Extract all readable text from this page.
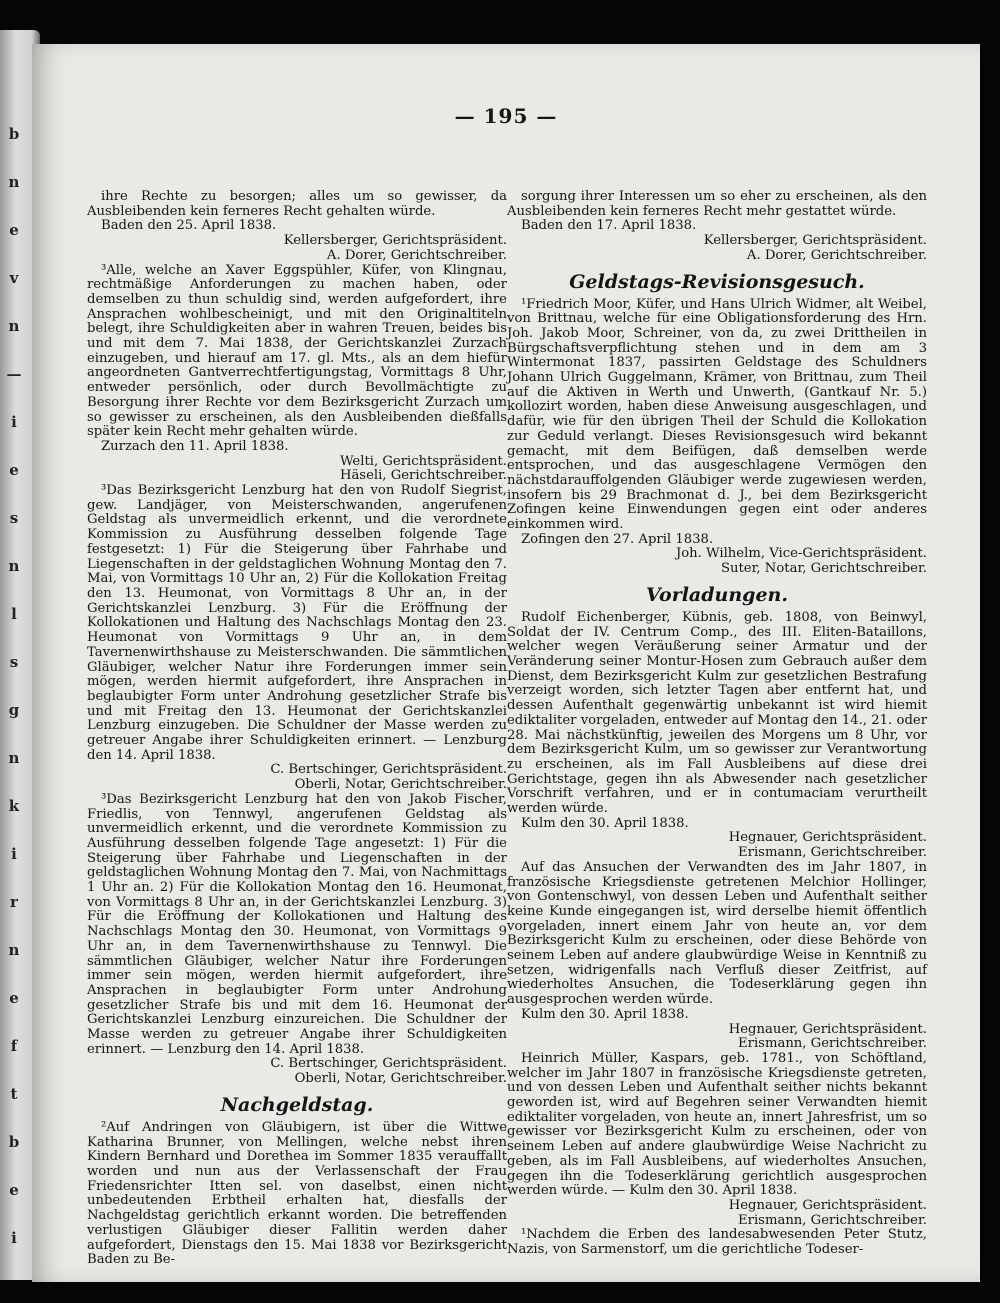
b
n
e
v
n
—
i
e
s
n
l
s
g
n
k
i
r
n
e
f
t
b
e
i
— 195 —

ihre Rechte zu besorgen; alles um so gewisser, da Ausbleibenden kein ferneres Recht gehalten würde.

Baden den 25. April 1838.

Kellersberger, Gerichtspräsident.

A. Dorer, Gerichtschreiber.

³Alle, welche an Xaver Eggspühler, Küfer, von Klingnau, rechtmäßige Anforderungen zu machen haben, oder demselben zu thun schuldig sind, werden aufgefordert, ihre Ansprachen wohlbescheinigt, und mit den Originaltiteln belegt, ihre Schuldigkeiten aber in wahren Treuen, beides bis und mit dem 7. Mai 1838, der Gerichtskanzlei Zurzach einzugeben, und hierauf am 17. gl. Mts., als an dem hiefür angeordneten Gantverrechtfertigungstag, Vormittags 8 Uhr, entweder persönlich, oder durch Bevollmächtigte zu Besorgung ihrer Rechte vor dem Bezirksgericht Zurzach um so gewisser zu erscheinen, als den Ausbleibenden dießfalls später kein Recht mehr gehalten würde.

Zurzach den 11. April 1838.

Welti, Gerichtspräsident.

Häseli, Gerichtschreiber.

³Das Bezirksgericht Lenzburg hat den von Rudolf Siegrist, gew. Landjäger, von Meisterschwanden, angerufenen Geldstag als unvermeidlich erkennt, und die verordnete Kommission zu Ausführung desselben folgende Tage festgesetzt: 1) Für die Steigerung über Fahrhabe und Liegenschaften in der geldstaglichen Wohnung Montag den 7. Mai, von Vormittags 10 Uhr an, 2) Für die Kollokation Freitag den 13. Heumonat, von Vormittags 8 Uhr an, in der Gerichtskanzlei Lenzburg. 3) Für die Eröffnung der Kollokationen und Haltung des Nachschlags Montag den 23. Heumonat von Vormittags 9 Uhr an, in dem Tavernenwirthshause zu Meisterschwanden. Die sämmtlichen Gläubiger, welcher Natur ihre Forderungen immer sein mögen, werden hiermit aufgefordert, ihre Ansprachen in beglaubigter Form unter Androhung gesetzlicher Strafe bis und mit Freitag den 13. Heumonat der Gerichtskanzlei Lenzburg einzugeben. Die Schuldner der Masse werden zu getreuer Angabe ihrer Schuldigkeiten erinnert. — Lenzburg den 14. April 1838.

C. Bertschinger, Gerichtspräsident.

Oberli, Notar, Gerichtschreiber.

³Das Bezirksgericht Lenzburg hat den von Jakob Fischer, Friedlis, von Tennwyl, angerufenen Geldstag als unvermeidlich erkennt, und die verordnete Kommission zu Ausführung desselben folgende Tage angesetzt: 1) Für die Steigerung über Fahrhabe und Liegenschaften in der geldstaglichen Wohnung Montag den 7. Mai, von Nachmittags 1 Uhr an. 2) Für die Kollokation Montag den 16. Heumonat, von Vormittags 8 Uhr an, in der Gerichtskanzlei Lenzburg. 3) Für die Eröffnung der Kollokationen und Haltung des Nachschlags Montag den 30. Heumonat, von Vormittags 9 Uhr an, in dem Tavernenwirthshause zu Tennwyl. Die sämmtlichen Gläubiger, welcher Natur ihre Forderungen immer sein mögen, werden hiermit aufgefordert, ihre Ansprachen in beglaubigter Form unter Androhung gesetzlicher Strafe bis und mit dem 16. Heumonat der Gerichtskanzlei Lenzburg einzureichen. Die Schuldner der Masse werden zu getreuer Angabe ihrer Schuldigkeiten erinnert. — Lenzburg den 14. April 1838.

C. Bertschinger, Gerichtspräsident.

Oberli, Notar, Gerichtschreiber.

Nachgeldstag.

²Auf Andringen von Gläubigern, ist über die Wittwe Katharina Brunner, von Mellingen, welche nebst ihren Kindern Bernhard und Dorethea im Sommer 1835 verauffallt worden und nun aus der Verlassenschaft der Frau Friedensrichter Itten sel. von daselbst, einen nicht unbedeutenden Erbtheil erhalten hat, diesfalls der Nachgeldstag gerichtlich erkannt worden. Die betreffenden verlustigen Gläubiger dieser Fallitin werden daher aufgefordert, Dienstags den 15. Mai 1838 vor Bezirksgericht Baden zu Be-

sorgung ihrer Interessen um so eher zu erscheinen, als den Ausbleibenden kein ferneres Recht mehr gestattet würde.

Baden den 17. April 1838.

Kellersberger, Gerichtspräsident.

A. Dorer, Gerichtschreiber.

Geldstags-Revisionsgesuch.

¹Friedrich Moor, Küfer, und Hans Ulrich Widmer, alt Weibel, von Brittnau, welche für eine Obligationsforderung des Hrn. Joh. Jakob Moor, Schreiner, von da, zu zwei Drittheilen in Bürgschaftsverpflichtung stehen und in dem am 3 Wintermonat 1837, passirten Geldstage des Schuldners Johann Ulrich Guggelmann, Krämer, von Brittnau, zum Theil auf die Aktiven in Werth und Unwerth, (Gantkauf Nr. 5.) kollozirt worden, haben diese Anweisung ausgeschlagen, und dafür, wie für den übrigen Theil der Schuld die Kollokation zur Geduld verlangt. Dieses Revisionsgesuch wird bekannt gemacht, mit dem Beifügen, daß demselben werde entsprochen, und das ausgeschlagene Vermögen den nächstdarauffolgenden Gläubiger werde zugewiesen werden, insofern bis 29 Brachmonat d. J., bei dem Bezirksgericht Zofingen keine Einwendungen gegen eint oder anderes einkommen wird.

Zofingen den 27. April 1838.

Joh. Wilhelm, Vice-Gerichtspräsident.

Suter, Notar, Gerichtschreiber.

Vorladungen.

Rudolf Eichenberger, Kübnis, geb. 1808, von Beinwyl, Soldat der IV. Centrum Comp., des III. Eliten-Bataillons, welcher wegen Veräußerung seiner Armatur und der Veränderung seiner Montur-Hosen zum Gebrauch außer dem Dienst, dem Bezirksgericht Kulm zur gesetzlichen Bestrafung verzeigt worden, sich letzter Tagen aber entfernt hat, und dessen Aufenthalt gegenwärtig unbekannt ist wird hiemit ediktaliter vorgeladen, entweder auf Montag den 14., 21. oder 28. Mai nächstkünftig, jeweilen des Morgens um 8 Uhr, vor dem Bezirksgericht Kulm, um so gewisser zur Verantwortung zu erscheinen, als im Fall Ausbleibens auf diese drei Gerichtstage, gegen ihn als Abwesender nach gesetzlicher Vorschrift verfahren, und er in contumaciam verurtheilt werden würde.

Kulm den 30. April 1838.

Hegnauer, Gerichtspräsident.

Erismann, Gerichtschreiber.

Auf das Ansuchen der Verwandten des im Jahr 1807, in französische Kriegsdienste getretenen Melchior Hollinger, von Gontenschwyl, von dessen Leben und Aufenthalt seither keine Kunde eingegangen ist, wird derselbe hiemit öffentlich vorgeladen, innert einem Jahr von heute an, vor dem Bezirksgericht Kulm zu erscheinen, oder diese Behörde von seinem Leben auf andere glaubwürdige Weise in Kenntniß zu setzen, widrigenfalls nach Verfluß dieser Zeitfrist, auf wiederholtes Ansuchen, die Todeserklärung gegen ihn ausgesprochen werden würde.

Kulm den 30. April 1838.

Hegnauer, Gerichtspräsident.

Erismann, Gerichtschreiber.

Heinrich Müller, Kaspars, geb. 1781., von Schöftland, welcher im Jahr 1807 in französische Kriegsdienste getreten, und von dessen Leben und Aufenthalt seither nichts bekannt geworden ist, wird auf Begehren seiner Verwandten hiemit ediktaliter vorgeladen, von heute an, innert Jahresfrist, um so gewisser vor Bezirksgericht Kulm zu erscheinen, oder von seinem Leben auf andere glaubwürdige Weise Nachricht zu geben, als im Fall Ausbleibens, auf wiederholtes Ansuchen, gegen ihn die Todeserklärung gerichtlich ausgesprochen werden würde. — Kulm den 30. April 1838.

Hegnauer, Gerichtspräsident.

Erismann, Gerichtschreiber.

¹Nachdem die Erben des landesabwesenden Peter Stutz, Nazis, von Sarmenstorf, um die gerichtliche Todeser-
